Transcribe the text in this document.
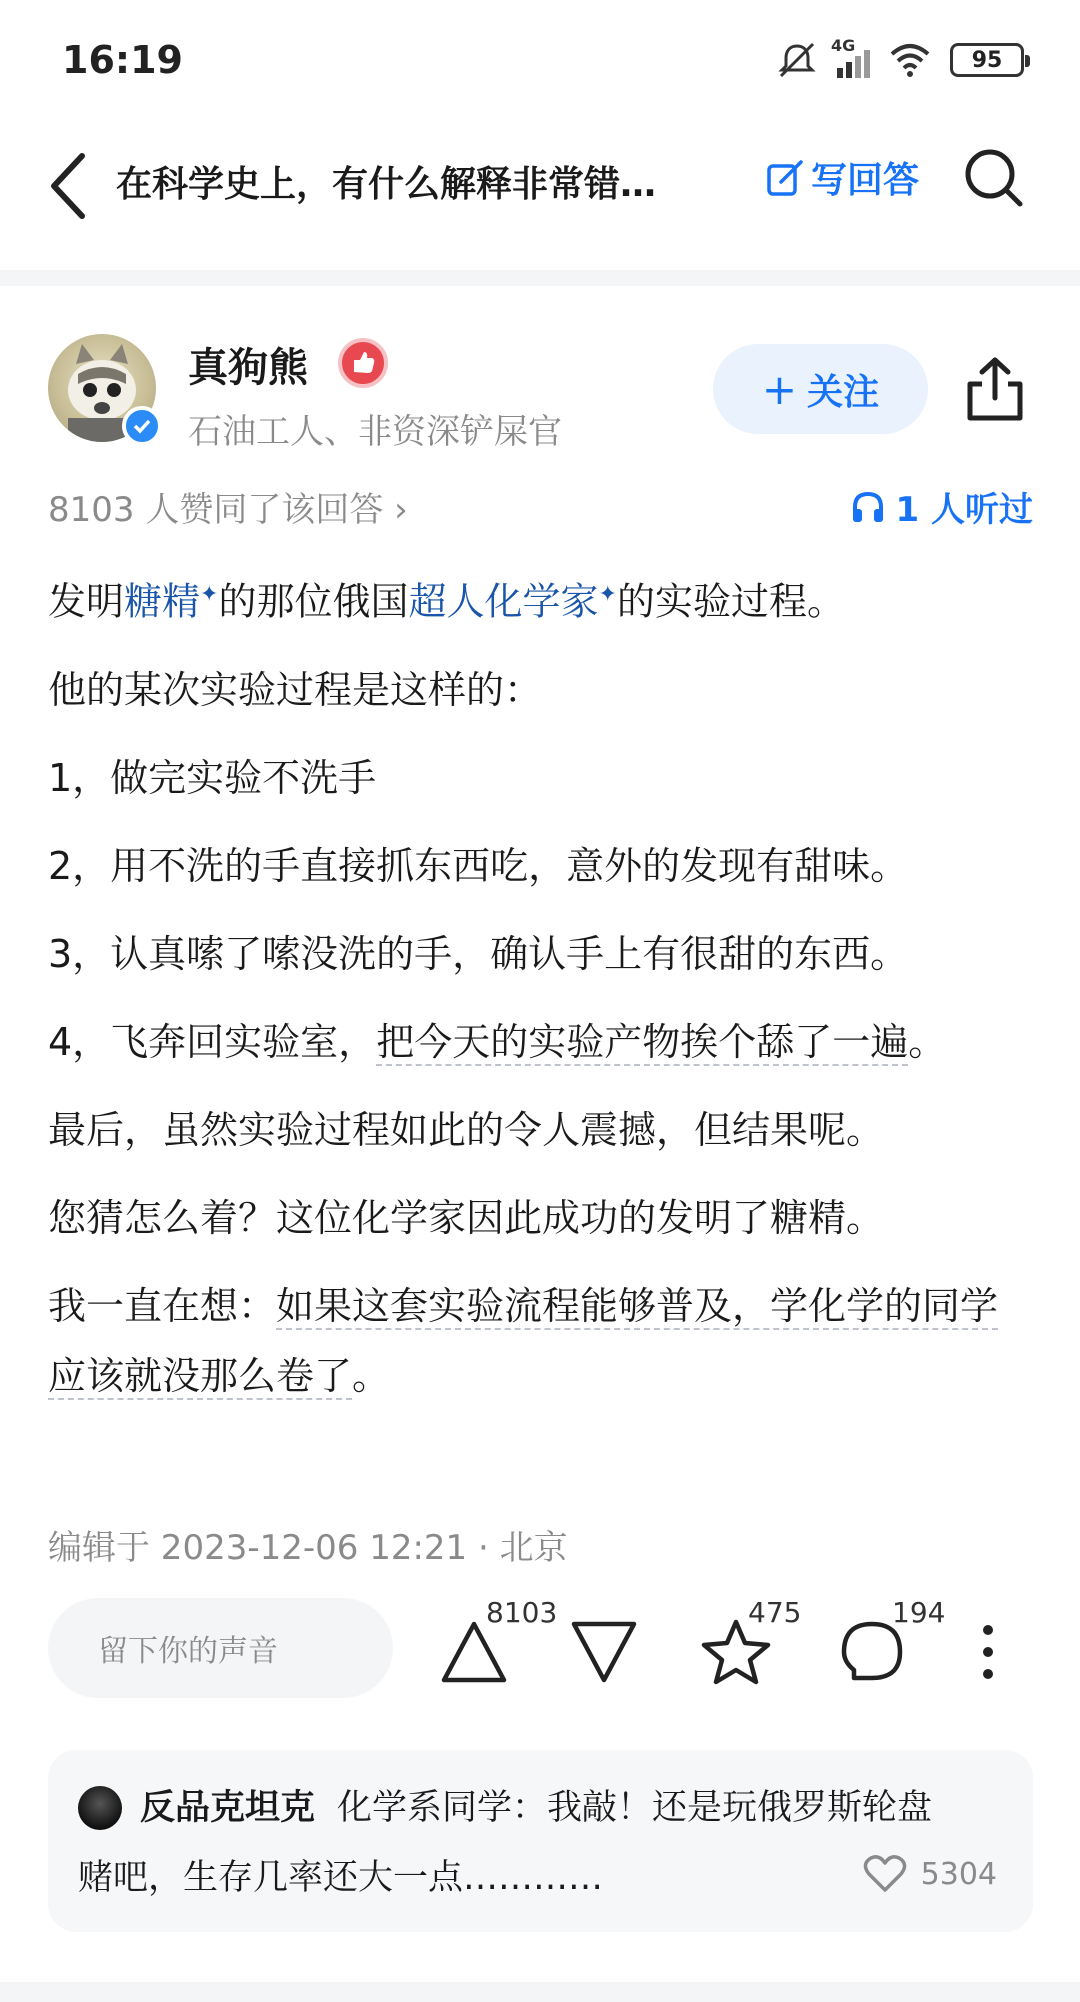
16:19	4G
95
在科学史上，有什么解释非常错…	写回答
真狗熊
石油工人、非资深铲屎官
+ 关注
8103 人赞同了该回答 ›	1 人听过

发明糖精✦的那位俄国超人化学家✦的实验过程。

他的某次实验过程是这样的：

1，做完实验不洗手

2，用不洗的手直接抓东西吃，意外的发现有甜味。

3，认真嗦了嗦没洗的手，确认手上有很甜的东西。

4，飞奔回实验室，把今天的实验产物挨个舔了一遍。

最后，虽然实验过程如此的令人震撼，但结果呢。

您猜怎么着？这位化学家因此成功的发明了糖精。

我一直在想：如果这套实验流程能够普及，学化学的同学应该就没那么卷了。

编辑于 2023-12-06 12:21 · 北京
留下你的声音
8103	475	194
反品克坦克 化学系同学：我敲！还是玩俄罗斯轮盘
赌吧，生存几率还大一点…………	5304
